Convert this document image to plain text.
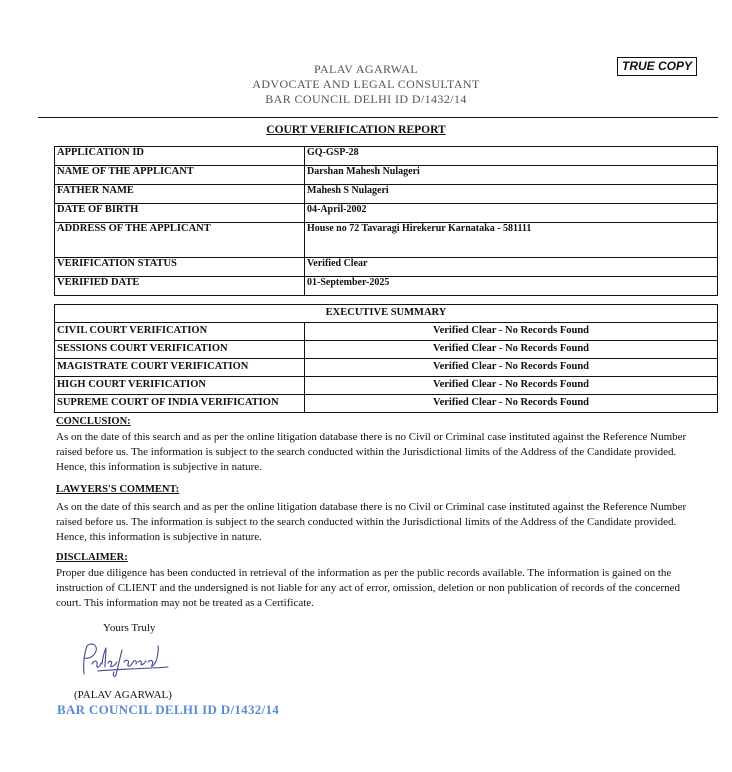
PALAV AGARWAL
ADVOCATE AND LEGAL CONSULTANT
BAR COUNCIL DELHI ID D/1432/14
TRUE COPY
COURT VERIFICATION REPORT
APPLICATION ID	GQ-GSP-28
NAME OF THE APPLICANT	Darshan Mahesh Nulageri
FATHER NAME	Mahesh S Nulageri
DATE OF BIRTH	04-April-2002
ADDRESS OF THE APPLICANT	House no 72 Tavaragi Hirekerur Karnataka - 581111
VERIFICATION STATUS	Verified Clear
VERIFIED DATE	01-September-2025
EXECUTIVE SUMMARY	
CIVIL COURT VERIFICATION	Verified Clear - No Records Found
SESSIONS COURT VERIFICATION	Verified Clear - No Records Found
MAGISTRATE COURT VERIFICATION	Verified Clear - No Records Found
HIGH COURT VERIFICATION	Verified Clear - No Records Found
SUPREME COURT OF INDIA VERIFICATION	Verified Clear - No Records Found
CONCLUSION:
As on the date of this search and as per the online litigation database there is no Civil or Criminal case instituted against the Reference Number raised before us. The information is subject to the search conducted within the Jurisdictional limits of the Address of the Candidate provided. Hence, this information is subjective in nature.
LAWYERS'S COMMENT:
As on the date of this search and as per the online litigation database there is no Civil or Criminal case instituted against the Reference Number raised before us. The information is subject to the search conducted within the Jurisdictional limits of the Address of the Candidate provided. Hence, this information is subjective in nature.
DISCLAIMER:
Proper due diligence has been conducted in retrieval of the information as per the public records available. The information is gained on the instruction of CLIENT and the undersigned is not liable for any act of error, omission, deletion or non publication of records of the concerned court. This information may not be treated as a Certificate.
Yours Truly
Palav Agarwal
(PALAV AGARWAL)
BAR COUNCIL DELHI ID D/1432/14
